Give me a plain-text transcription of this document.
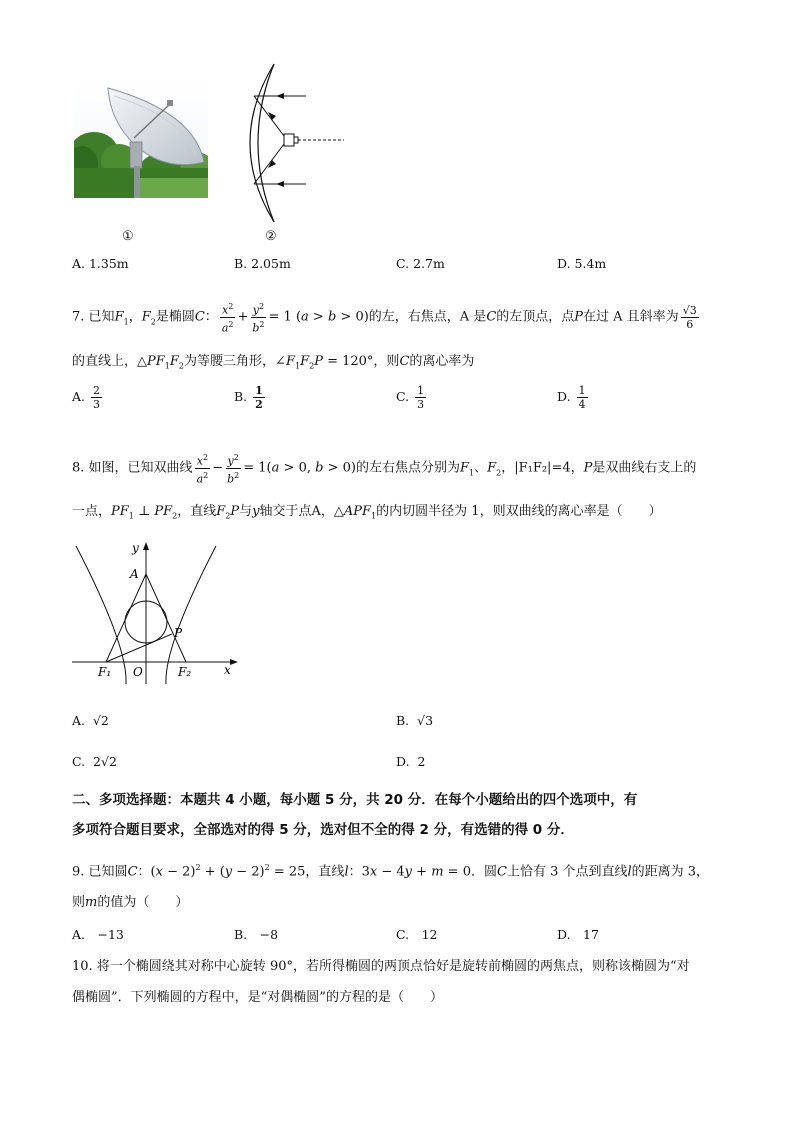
①	②
A. 1.35m	B. 2.05m	C. 2.7m	D. 5.4m
7. 已知$F_1$，$F_2$是椭圆C： $\frac{x^2}{a^2} + \frac{y^2}{b^2} = 1$ (a > b > 0)的左，右焦点，A 是C的左顶点，点P在过 A 且斜率为 $\frac{√3}{6}$
的直线上，$\triangle PF_1F_2$为等腰三角形，$\angle F_1F_2P = 120^\circ$，则C的离心率为
A. $\frac{2}{3}$	B. $\frac{1}{2}$	C. $\frac{1}{3}$	D. $\frac{1}{4}$
8. 如图，已知双曲线 $\frac{x^2}{a^2} - \frac{y^2}{b^2} = 1(a > 0$, b > 0)的左右焦点分别为$F_1$、$F_2$，|F₁F₂|=4，P是双曲线右支上的
一点，$PF_1$ ⊥ $PF_2$，直线$F_2P$与y轴交于点A，$\triangle APF_1$的内切圆半径为 1，则双曲线的离心率是（　　）
y
A
P
O
F₁	F₂	x
A. √2	B. √3
C. 2√2	D. 2
二、多项选择题：本题共 4 小题，每小题 5 分，共 20 分．在每个小题给出的四个选项中，有
多项符合题目要求，全部选对的得 5 分，选对但不全的得 2 分，有选错的得 0 分．
9. 已知圆C：$(x - 2)^2 + (y - 2)^2 = 25$，直线l：3x − 4y + m = 0．圆C上恰有 3 个点到直线l的距离为 3，
则m的值为（　　）
A.　−13	B.　−8	C.　12	D.　17
10. 将一个椭圆绕其对称中心旋转 90°，若所得椭圆的两顶点恰好是旋转前椭圆的两焦点，则称该椭圆为“对
偶椭圆”．下列椭圆的方程中，是“对偶椭圆”的方程的是（　　）
